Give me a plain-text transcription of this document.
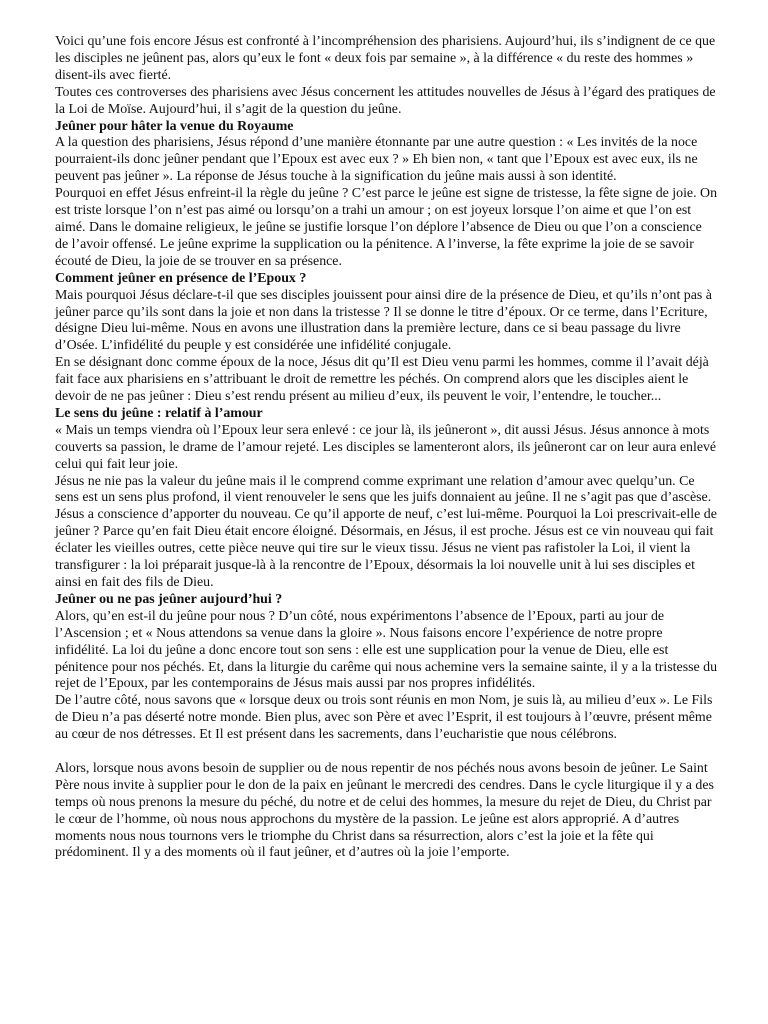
Voici qu’une fois encore Jésus est confronté à l’incompréhension des pharisiens. Aujourd’hui, ils s’indignent de ce que les disciples ne jeûnent pas, alors qu’eux le font « deux fois par semaine », à la différence « du reste des hommes » disent-ils avec fierté.

Toutes ces controverses des pharisiens avec Jésus concernent les attitudes nouvelles de Jésus à l’égard des pratiques de la Loi de Moïse. Aujourd’hui, il s’agit de la question du jeûne.

Jeûner pour hâter la venue du Royaume

A la question des pharisiens, Jésus répond d’une manière étonnante par une autre question : « Les invités de la noce pourraient-ils donc jeûner pendant que l’Epoux est avec eux ? » Eh bien non, « tant que l’Epoux est avec eux, ils ne peuvent pas jeûner ». La réponse de Jésus touche à la signification du jeûne mais aussi à son identité.

Pourquoi en effet Jésus enfreint-il la règle du jeûne ? C’est parce le jeûne est signe de tristesse, la fête signe de joie. On est triste lorsque l’on n’est pas aimé ou lorsqu’on a trahi un amour ; on est joyeux lorsque l’on aime et que l’on est aimé. Dans le domaine religieux, le jeûne se justifie lorsque l’on déplore l’absence de Dieu ou que l’on a conscience de l’avoir offensé. Le jeûne exprime la supplication ou la pénitence. A l’inverse, la fête exprime la joie de se savoir écouté de Dieu, la joie de se trouver en sa présence.

Comment jeûner en présence de l’Epoux ?

Mais pourquoi Jésus déclare-t-il que ses disciples jouissent pour ainsi dire de la présence de Dieu, et qu’ils n’ont pas à jeûner parce qu’ils sont dans la joie et non dans la tristesse ? Il se donne le titre d’époux. Or ce terme, dans l’Ecriture, désigne Dieu lui-même. Nous en avons une illustration dans la première lecture, dans ce si beau passage du livre d’Osée. L’infidélité du peuple y est considérée une infidélité conjugale.

En se désignant donc comme époux de la noce, Jésus dit qu’Il est Dieu venu parmi les hommes, comme il l’avait déjà fait face aux pharisiens en s’attribuant le droit de remettre les péchés. On comprend alors que les disciples aient le devoir de ne pas jeûner : Dieu s’est rendu présent au milieu d’eux, ils peuvent le voir, l’entendre, le toucher...

Le sens du jeûne : relatif à l’amour

« Mais un temps viendra où l’Epoux leur sera enlevé : ce jour là, ils jeûneront », dit aussi Jésus. Jésus annonce à mots couverts sa passion, le drame de l’amour rejeté. Les disciples se lamenteront alors, ils jeûneront car on leur aura enlevé celui qui fait leur joie.

Jésus ne nie pas la valeur du jeûne mais il le comprend comme exprimant une relation d’amour avec quelqu’un. Ce sens est un sens plus profond, il vient renouveler le sens que les juifs donnaient au jeûne. Il ne s’agit pas que d’ascèse.

Jésus a conscience d’apporter du nouveau. Ce qu’il apporte de neuf, c’est lui-même. Pourquoi la Loi prescrivait-elle de jeûner ? Parce qu’en fait Dieu était encore éloigné. Désormais, en Jésus, il est proche. Jésus est ce vin nouveau qui fait éclater les vieilles outres, cette pièce neuve qui tire sur le vieux tissu. Jésus ne vient pas rafistoler la Loi, il vient la transfigurer : la loi préparait jusque-là à la rencontre de l’Epoux, désormais la loi nouvelle unit à lui ses disciples et ainsi en fait des fils de Dieu.

Jeûner ou ne pas jeûner aujourd’hui ?

Alors, qu’en est-il du jeûne pour nous ? D’un côté, nous expérimentons l’absence de l’Epoux, parti au jour de l’Ascension ; et « Nous attendons sa venue dans la gloire ». Nous faisons encore l’expérience de notre propre infidélité. La loi du jeûne a donc encore tout son sens : elle est une supplication pour la venue de Dieu, elle est pénitence pour nos péchés. Et, dans la liturgie du carême qui nous achemine vers la semaine sainte, il y a la tristesse du rejet de l’Epoux, par les contemporains de Jésus mais aussi par nos propres infidélités.

De l’autre côté, nous savons que « lorsque deux ou trois sont réunis en mon Nom, je suis là, au milieu d’eux ». Le Fils de Dieu n’a pas déserté notre monde. Bien plus, avec son Père et avec l’Esprit, il est toujours à l’œuvre, présent même au cœur de nos détresses. Et Il est présent dans les sacrements, dans l’eucharistie que nous célébrons.

Alors, lorsque nous avons besoin de supplier ou de nous repentir de nos péchés nous avons besoin de jeûner. Le Saint Père nous invite à supplier pour le don de la paix en jeûnant le mercredi des cendres. Dans le cycle liturgique il y a des temps où nous prenons la mesure du péché, du notre et de celui des hommes, la mesure du rejet de Dieu, du Christ par le cœur de l’homme, où nous nous approchons du mystère de la passion. Le jeûne est alors approprié. A d’autres moments nous nous tournons vers le triomphe du Christ dans sa résurrection, alors c’est la joie et la fête qui prédominent. Il y a des moments où il faut jeûner, et d’autres où la joie l’emporte.
